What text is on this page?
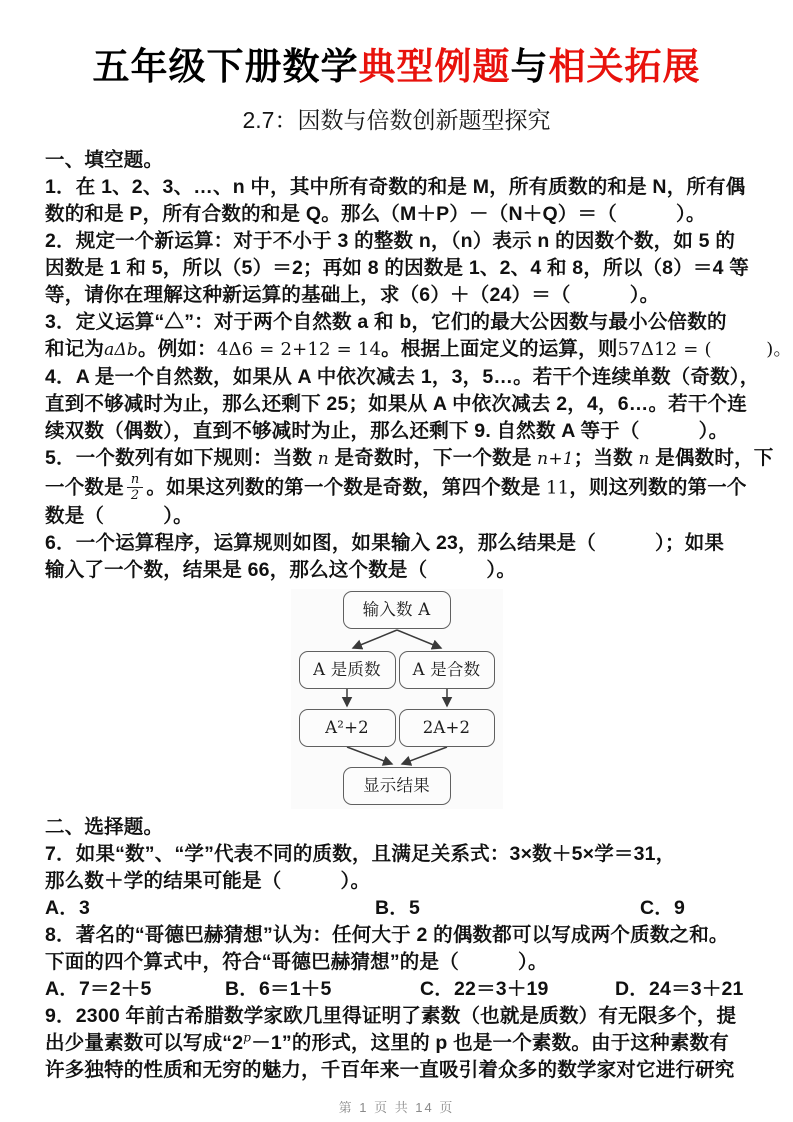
五年级下册数学典型例题与相关拓展
2.7：因数与倍数创新题型探究
一、填空题。
1．在 1、2、3、…、n 中，其中所有奇数的和是 M，所有质数的和是 N，所有偶
数的和是 P，所有合数的和是 Q。那么（M＋P）－（N＋Q）＝（　　　）。
2．规定一个新运算：对于不小于 3 的整数 n，（n）表示 n 的因数个数，如 5 的
因数是 1 和 5，所以（5）＝2；再如 8 的因数是 1、2、4 和 8，所以（8）＝4 等
等，请你在理解这种新运算的基础上，求（6）＋（24）＝（　　　）。
3．定义运算“△”：对于两个自然数 a 和 b，它们的最大公因数与最小公倍数的
和记为aΔb。例如：4Δ6 = 2+12 = 14。根据上面定义的运算，则57Δ12 = (　　　)。
4．A 是一个自然数，如果从 A 中依次减去 1，3，5…。若干个连续单数（奇数），
直到不够减时为止，那么还剩下 25；如果从 A 中依次减去 2，4，6…。若干个连
续双数（偶数），直到不够减时为止，那么还剩下 9. 自然数 A 等于（　　　）。
5．一个数列有如下规则：当数 n 是奇数时，下一个数是 n+1；当数 n 是偶数时，下
一个数是 $\frac{n}{2}$ 。如果这列数的第一个数是奇数，第四个数是 11，则这列数的第一个
数是（　　　）。
6．一个运算程序，运算规则如图，如果输入 23，那么结果是（　　　）；如果
输入了一个数，结果是 66，那么这个数是（　　　）。
输入数 A
A 是质数	A 是合数
A²+2	2A+2
显示结果
二、选择题。
7．如果“数”、“学”代表不同的质数，且满足关系式：3×数＋5×学＝31，
那么数＋学的结果可能是（　　　）。
A．3	B．5	C．9
8．著名的“哥德巴赫猜想”认为：任何大于 2 的偶数都可以写成两个质数之和。
下面的四个算式中，符合“哥德巴赫猜想”的是（　　　）。
A．7＝2＋5	B．6＝1＋5	C．22＝3＋19	D．24＝3＋21
9．2300 年前古希腊数学家欧几里得证明了素数（也就是质数）有无限多个，提
出少量素数可以写成“$2^p-1$”的形式，这里的 p 也是一个素数。由于这种素数有
许多独特的性质和无穷的魅力，千百年来一直吸引着众多的数学家对它进行研究
第 1 页 共 14 页
